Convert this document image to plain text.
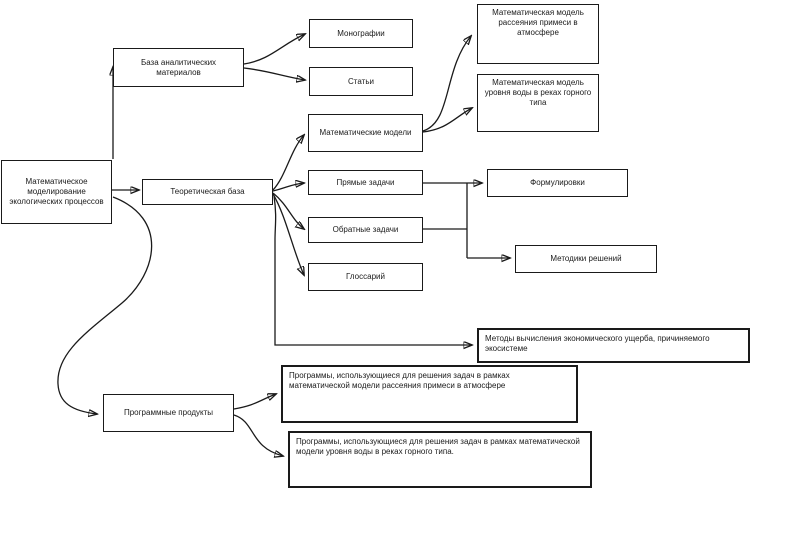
Математическое моделирование экологических процессов
База аналитических материалов
Монографии
Статьи
Теоретическая база
Математические модели
Прямые задачи
Обратные задачи
Глоссарий
Математическая модель рассеяния примеси в атмосфере
Математическая модель уровня воды в реках горного типа
Формулировки
Методики решений
Методы вычисления экономического ущерба, причиняемого экосистеме
Программные продукты
Программы, использующиеся для решения задач в рамках математической модели рассеяния примеси в атмосфере
Программы, использующиеся для решения задач в рамках математической модели уровня воды в реках горного типа.
